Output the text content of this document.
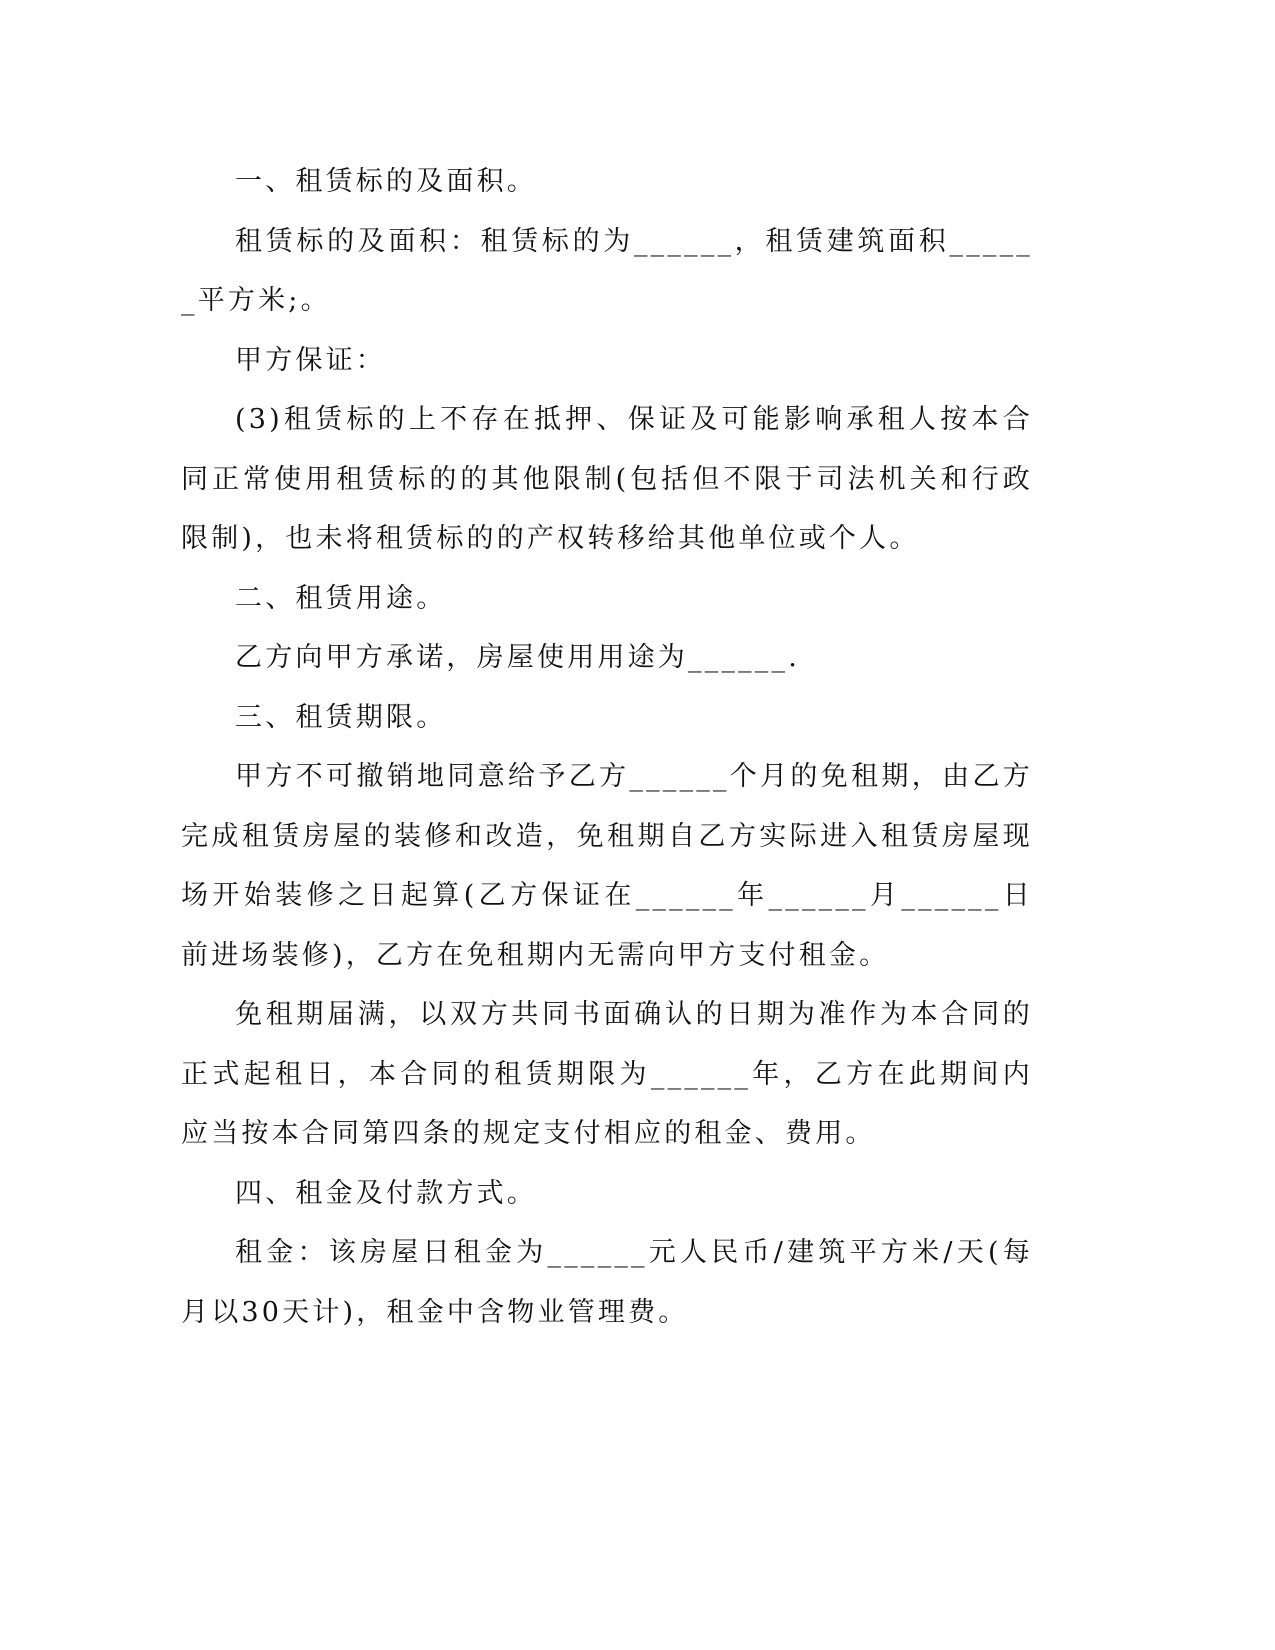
一、租赁标的及面积。

租赁标的及面积：租赁标的为______，租赁建筑面积______平方米;。

甲方保证：

(3)租赁标的上不存在抵押、保证及可能影响承租人按本合同正常使用租赁标的的其他限制(包括但不限于司法机关和行政限制)，也未将租赁标的的产权转移给其他单位或个人。

二、租赁用途。

乙方向甲方承诺，房屋使用用途为______.

三、租赁期限。

甲方不可撤销地同意给予乙方______个月的免租期，由乙方完成租赁房屋的装修和改造，免租期自乙方实际进入租赁房屋现场开始装修之日起算(乙方保证在______年______月______日前进场装修)，乙方在免租期内无需向甲方支付租金。

免租期届满，以双方共同书面确认的日期为准作为本合同的正式起租日，本合同的租赁期限为______年，乙方在此期间内应当按本合同第四条的规定支付相应的租金、费用。

四、租金及付款方式。

租金：该房屋日租金为______元人民币/建筑平方米/天(每月以30天计)，租金中含物业管理费。
